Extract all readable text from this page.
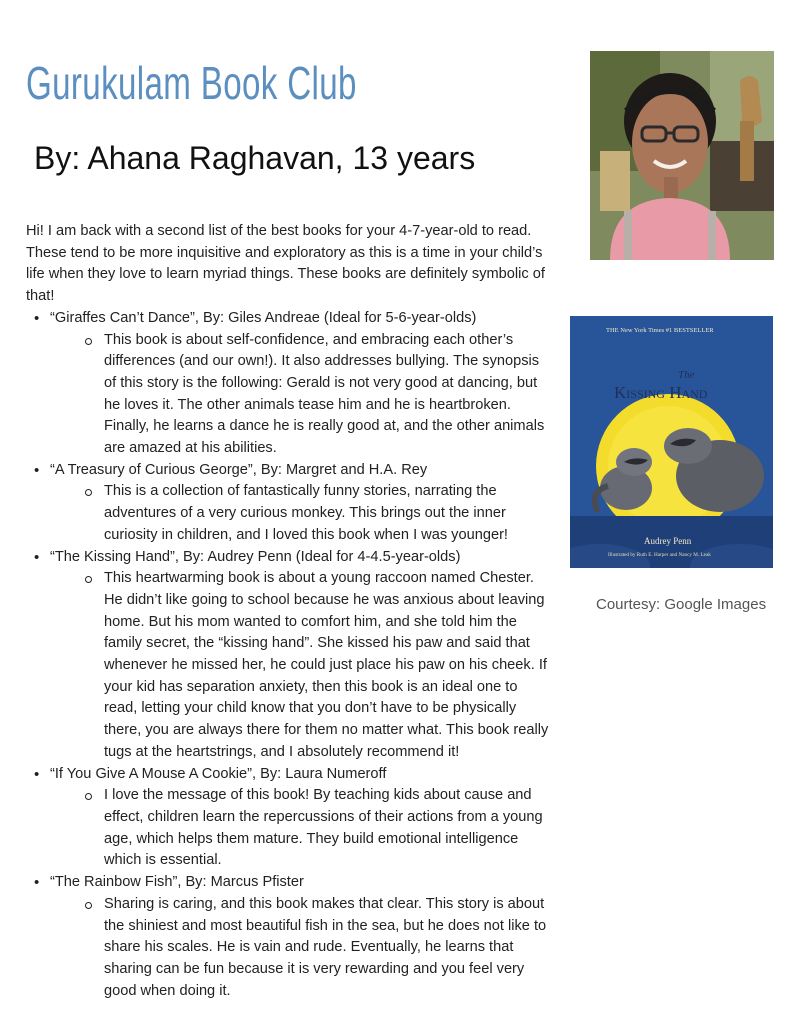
Gurukulam Book Club
By: Ahana Raghavan, 13 years
THE New York Times #1 BESTSELLER
The
Kissing Hand
Audrey Penn
Illustrated by Ruth E. Harper and Nancy M. Leak
Courtesy: Google Images

Hi! I am back with a second list of the best books for your 4-7-year-old to read. These tend to be more inquisitive and exploratory as this is a time in your child’s life when they love to learn myriad things. These books are definitely symbolic of that!

• “Giraffes Can’t Dance”, By: Giles Andreae (Ideal for 5-6-year-olds)
This book is about self-confidence, and embracing each other’s differences (and our own!). It also addresses bullying. The synopsis of this story is the following: Gerald is not very good at dancing, but he loves it. The other animals tease him and he is heartbroken. Finally, he learns a dance he is really good at, and the other animals are amazed at his abilities.
• “A Treasury of Curious George”, By: Margret and H.A. Rey
This is a collection of fantastically funny stories, narrating the adventures of a very curious monkey. This brings out the inner curiosity in children, and I loved this book when I was younger!
• “The Kissing Hand”, By: Audrey Penn (Ideal for 4-4.5-year-olds)
This heartwarming book is about a young raccoon named Chester. He didn’t like going to school because he was anxious about leaving home. But his mom wanted to comfort him, and she told him the family secret, the “kissing hand”. She kissed his paw and said that whenever he missed her, he could just place his paw on his cheek. If your kid has separation anxiety, then this book is an ideal one to read, letting your child know that you don’t have to be physically there, you are always there for them no matter what. This book really tugs at the heartstrings, and I absolutely recommend it!
• “If You Give A Mouse A Cookie”, By: Laura Numeroff
I love the message of this book! By teaching kids about cause and effect, children learn the repercussions of their actions from a young age, which helps them mature. They build emotional intelligence which is essential.
• “The Rainbow Fish”, By: Marcus Pfister
Sharing is caring, and this book makes that clear. This story is about the shiniest and most beautiful fish in the sea, but he does not like to share his scales. He is vain and rude. Eventually, he learns that sharing can be fun because it is very rewarding and you feel very good when doing it.
